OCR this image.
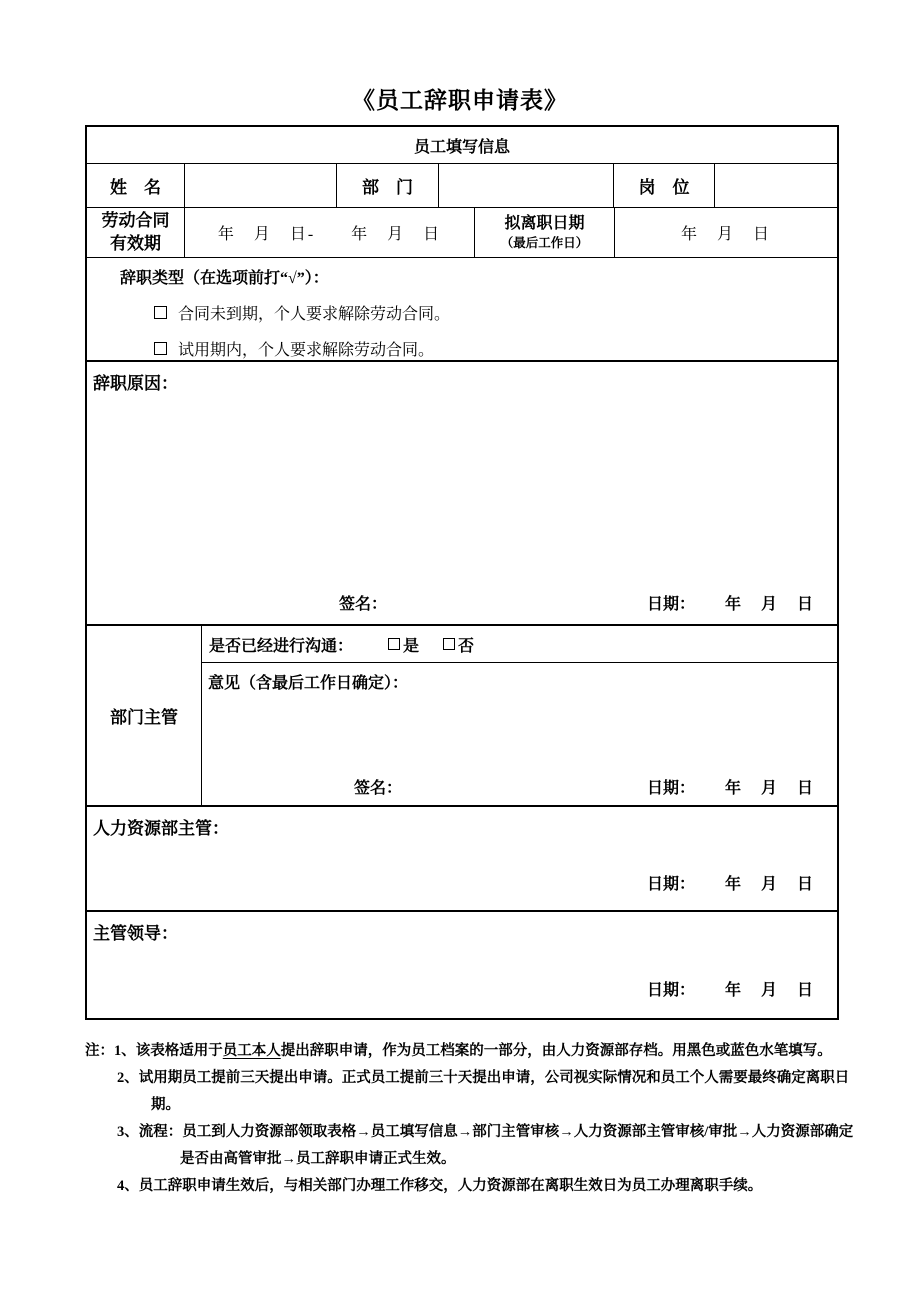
《员工辞职申请表》
员工填写信息
姓　名	部　门	岗　位
劳动合同
有效期	年　月　日-　　年　月　日
拟离职日期
（最后工作日）	年　月　日
辞职类型（在选项前打“√”）：
合同未到期，个人要求解除劳动合同。
试用期内，个人要求解除劳动合同。
辞职原因：
签名：	日期： 年　月　日
部门主管
是否已经进行沟通：	是 否
意见（含最后工作日确定）：
签名：	日期： 年　月　日
人力资源部主管：
日期： 年　月　日
主管领导：
日期： 年　月　日
注：1、该表格适用于员工本人提出辞职申请，作为员工档案的一部分，由人力资源部存档。用黑色或蓝色水笔填写。
2、试用期员工提前三天提出申请。正式员工提前三十天提出申请，公司视实际情况和员工个人需要最终确定离职日
期。
3、流程：员工到人力资源部领取表格→员工填写信息→部门主管审核→人力资源部主管审核/审批→人力资源部确定
是否由高管审批→员工辞职申请正式生效。
4、员工辞职申请生效后，与相关部门办理工作移交，人力资源部在离职生效日为员工办理离职手续。
